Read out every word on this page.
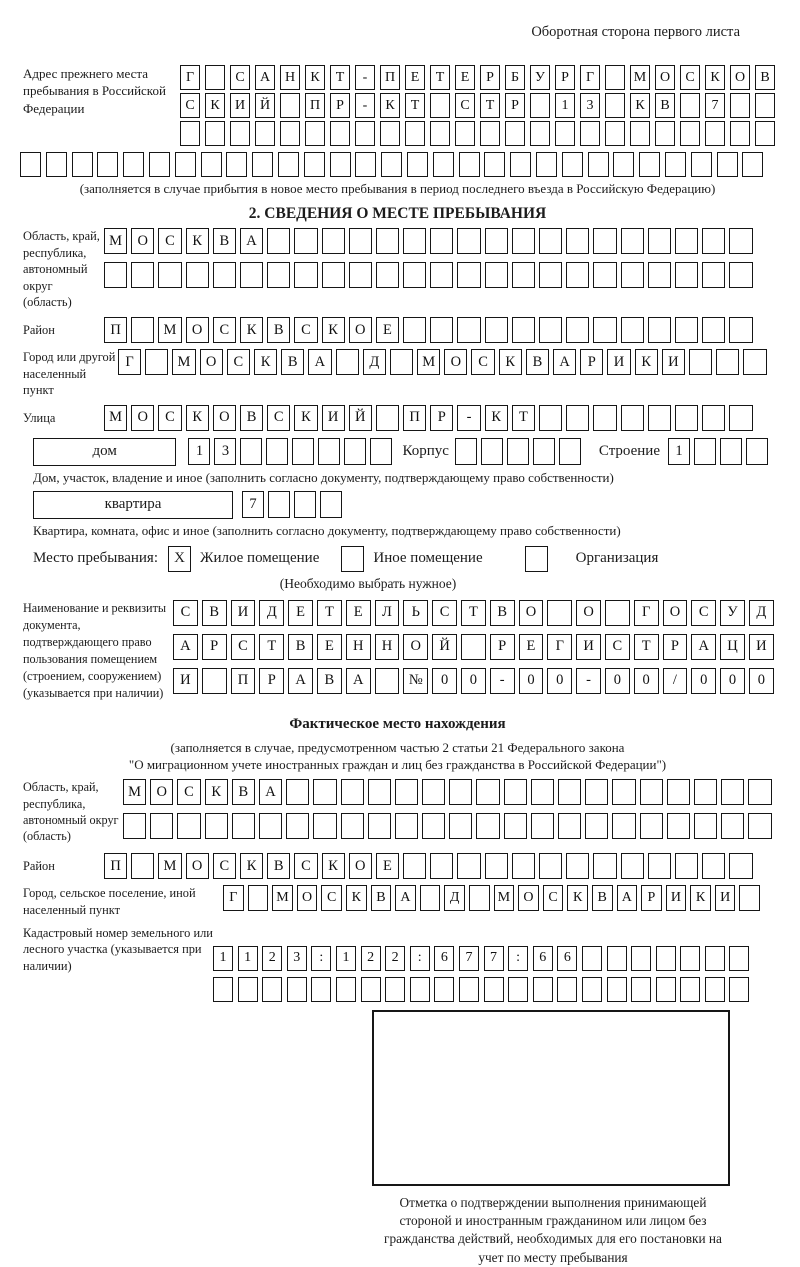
Оборотная сторона первого листа
Адрес прежнего места пребывания в Российской Федерации
Г	С	А	Н	К	Т	-	П	Е	Т	Е	Р	Б	У	Р	Г	М О	С	К	О	В
С	К	И	Й	П	Р	-	К	Т	С	Т	Р	1	3	К	В	7
(заполняется в случае прибытия в новое место пребывания в период последнего въезда в Российскую Федерацию)
2. СВЕДЕНИЯ О МЕСТЕ ПРЕБЫВАНИЯ
Область, край, республика, автономный округ (область)
М	О	С	К	В	А
Район	П	М	О	С	К	В	С	К	О	Е
Город или другой населенный пункт
Г	М	О	С	К	В	А	Д	М	О	С	К	В	А	Р	И	К	И
Улица	М	О	С	К	О	В	С	К	И	Й	П	Р	-	К	Т
дом	1	3	Корпус	Строение	1
Дом, участок, владение и иное (заполнить согласно документу, подтверждающему право собственности)
квартира	7
Квартира, комната, офис и иное (заполнить согласно документу, подтверждающему право собственности)
Место пребывания:	X	Жилое помещение	Иное помещение	Организация
(Необходимо выбрать нужное)
Наименование и реквизиты документа, подтверждающего право пользования помещением (строением, сооружением) (указывается при наличии)
С	В	И	Д	Е	Т	Е	Л	Ь	С	Т	В	О	О	Г	О	С	У	Д
А	Р	С	Т	В	Е	Н	Н	О	Й	Р	Е	Г	И	С	Т	Р	А	Ц	И
И	П	Р	А	В	А	№	0	0	-	0	0	-	0	0	/	0	0	0
Фактическое место нахождения
(заполняется в случае, предусмотренном частью 2 статьи 21 Федерального закона
"О миграционном учете иностранных граждан и лиц без гражданства в Российской Федерации")
Область, край, республика, автономный округ (область)
М	О	С	К	В	А
Район	П	М	О	С	К	В	С	К	О	Е
Город, сельское поселение, иной населенный пункт
Г	М О	С	К	В	А	Д	М О	С	К	В	А	Р	И	К	И
Кадастровый номер земельного или лесного участка (указывается при наличии)
1	1	2	3	:	1	2	2	:	6	7	7	:	6	6
Отметка о подтверждении выполнения принимающей стороной и иностранным гражданином или лицом без гражданства действий, необходимых для его постановки на учет по месту пребывания
